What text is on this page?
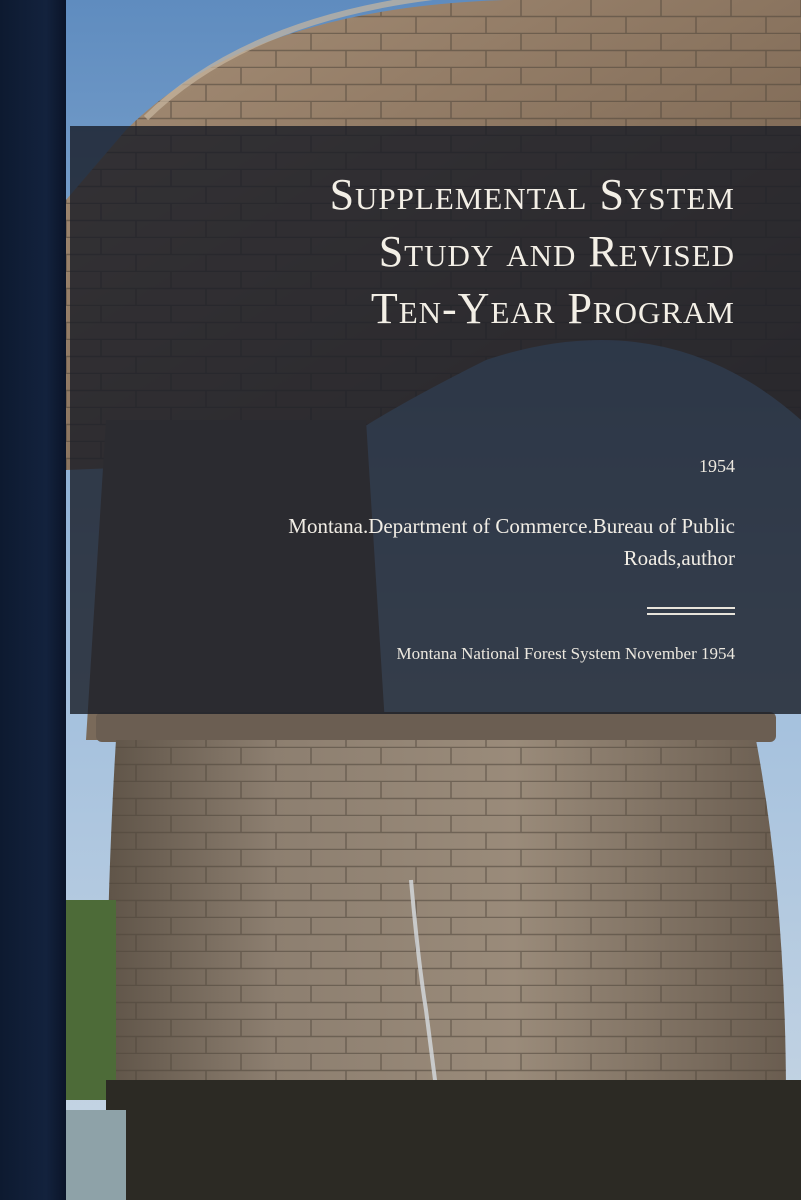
Supplemental System
Study and Revised
Ten-Year Program
1954
Montana.Department of Commerce.Bureau of Public Roads,author
Montana National Forest System November 1954
